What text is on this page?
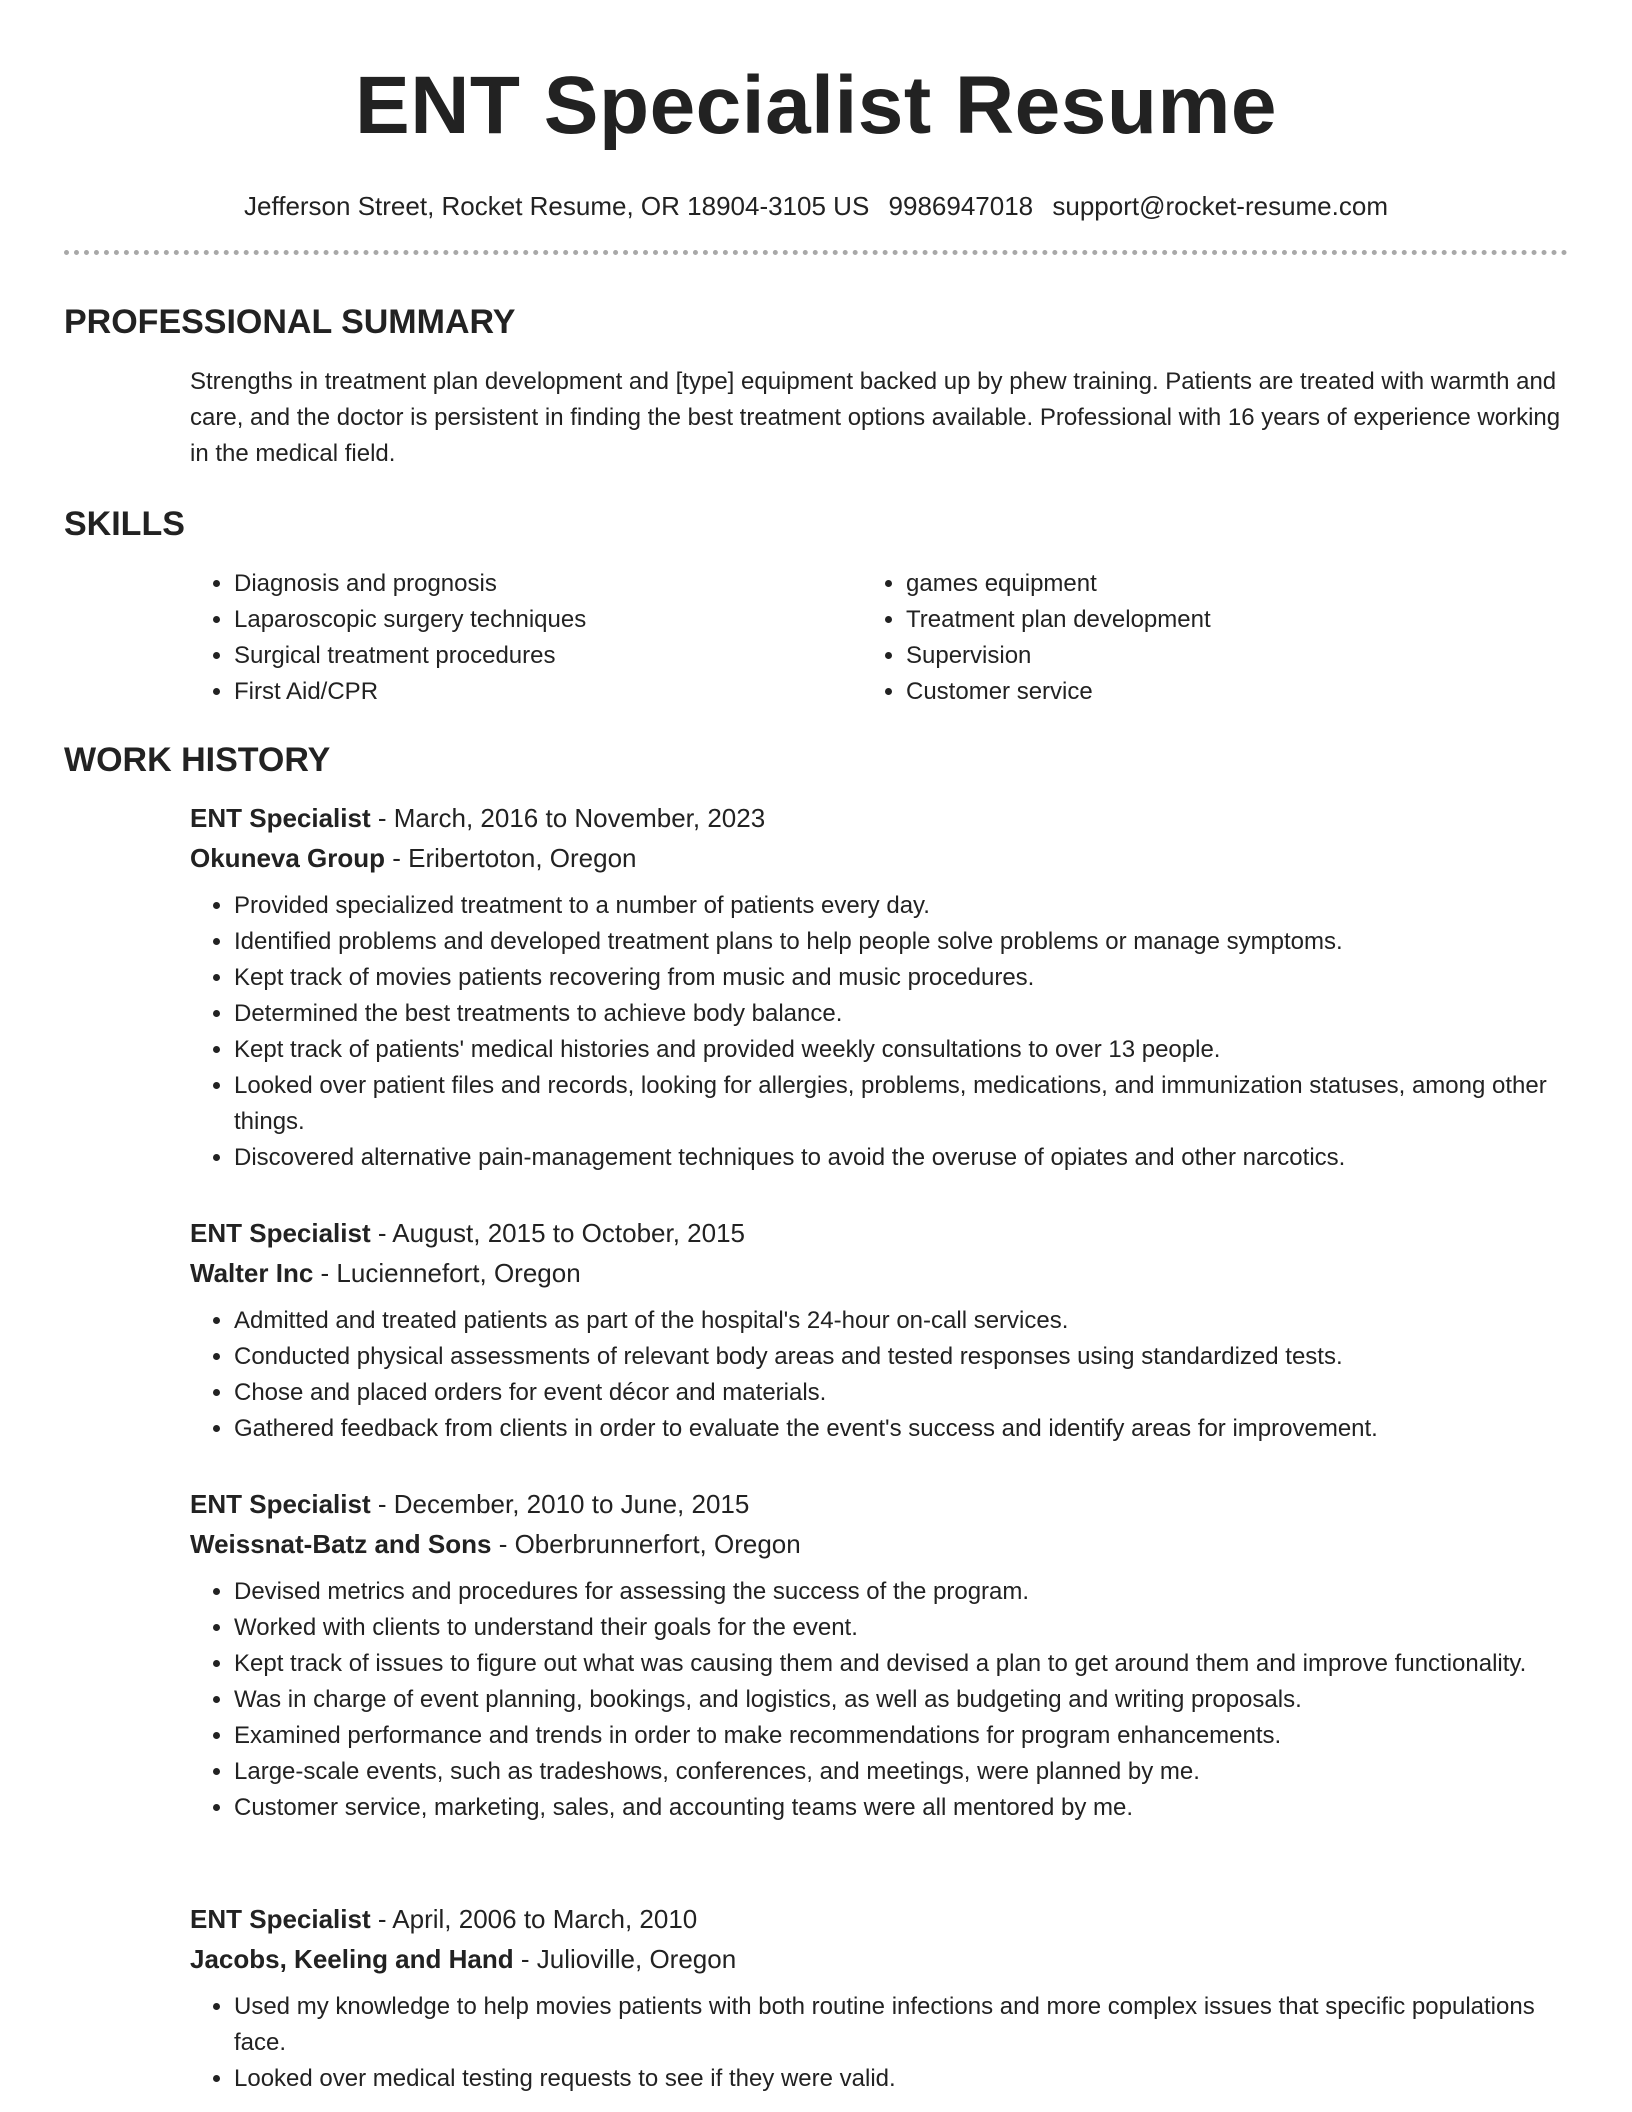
ENT Specialist Resume
Jefferson Street, Rocket Resume, OR 18904-3105 US 9986947018 support@rocket-resume.com
PROFESSIONAL SUMMARY

Strengths in treatment plan development and [type] equipment backed up by phew training. Patients are treated with warmth and care, and the doctor is persistent in finding the best treatment options available. Professional with 16 years of experience working in the medical field.

SKILLS
• Diagnosis and prognosis
• Laparoscopic surgery techniques
• Surgical treatment procedures
• First Aid/CPR
• games equipment
• Treatment plan development
• Supervision
• Customer service
WORK HISTORY
ENT Specialist - March, 2016 to November, 2023
Okuneva Group - Eribertoton, Oregon
• Provided specialized treatment to a number of patients every day.
• Identified problems and developed treatment plans to help people solve problems or manage symptoms.
• Kept track of movies patients recovering from music and music procedures.
• Determined the best treatments to achieve body balance.
• Kept track of patients' medical histories and provided weekly consultations to over 13 people.
• Looked over patient files and records, looking for allergies, problems, medications, and immunization statuses, among other things.
• Discovered alternative pain-management techniques to avoid the overuse of opiates and other narcotics.
ENT Specialist - August, 2015 to October, 2015
Walter Inc - Luciennefort, Oregon
• Admitted and treated patients as part of the hospital's 24-hour on-call services.
• Conducted physical assessments of relevant body areas and tested responses using standardized tests.
• Chose and placed orders for event décor and materials.
• Gathered feedback from clients in order to evaluate the event's success and identify areas for improvement.
ENT Specialist - December, 2010 to June, 2015
Weissnat-Batz and Sons - Oberbrunnerfort, Oregon
• Devised metrics and procedures for assessing the success of the program.
• Worked with clients to understand their goals for the event.
• Kept track of issues to figure out what was causing them and devised a plan to get around them and improve functionality.
• Was in charge of event planning, bookings, and logistics, as well as budgeting and writing proposals.
• Examined performance and trends in order to make recommendations for program enhancements.
• Large-scale events, such as tradeshows, conferences, and meetings, were planned by me.
• Customer service, marketing, sales, and accounting teams were all mentored by me.
ENT Specialist - April, 2006 to March, 2010
Jacobs, Keeling and Hand - Julioville, Oregon
• Used my knowledge to help movies patients with both routine infections and more complex issues that specific populations face.
• Looked over medical testing requests to see if they were valid.
